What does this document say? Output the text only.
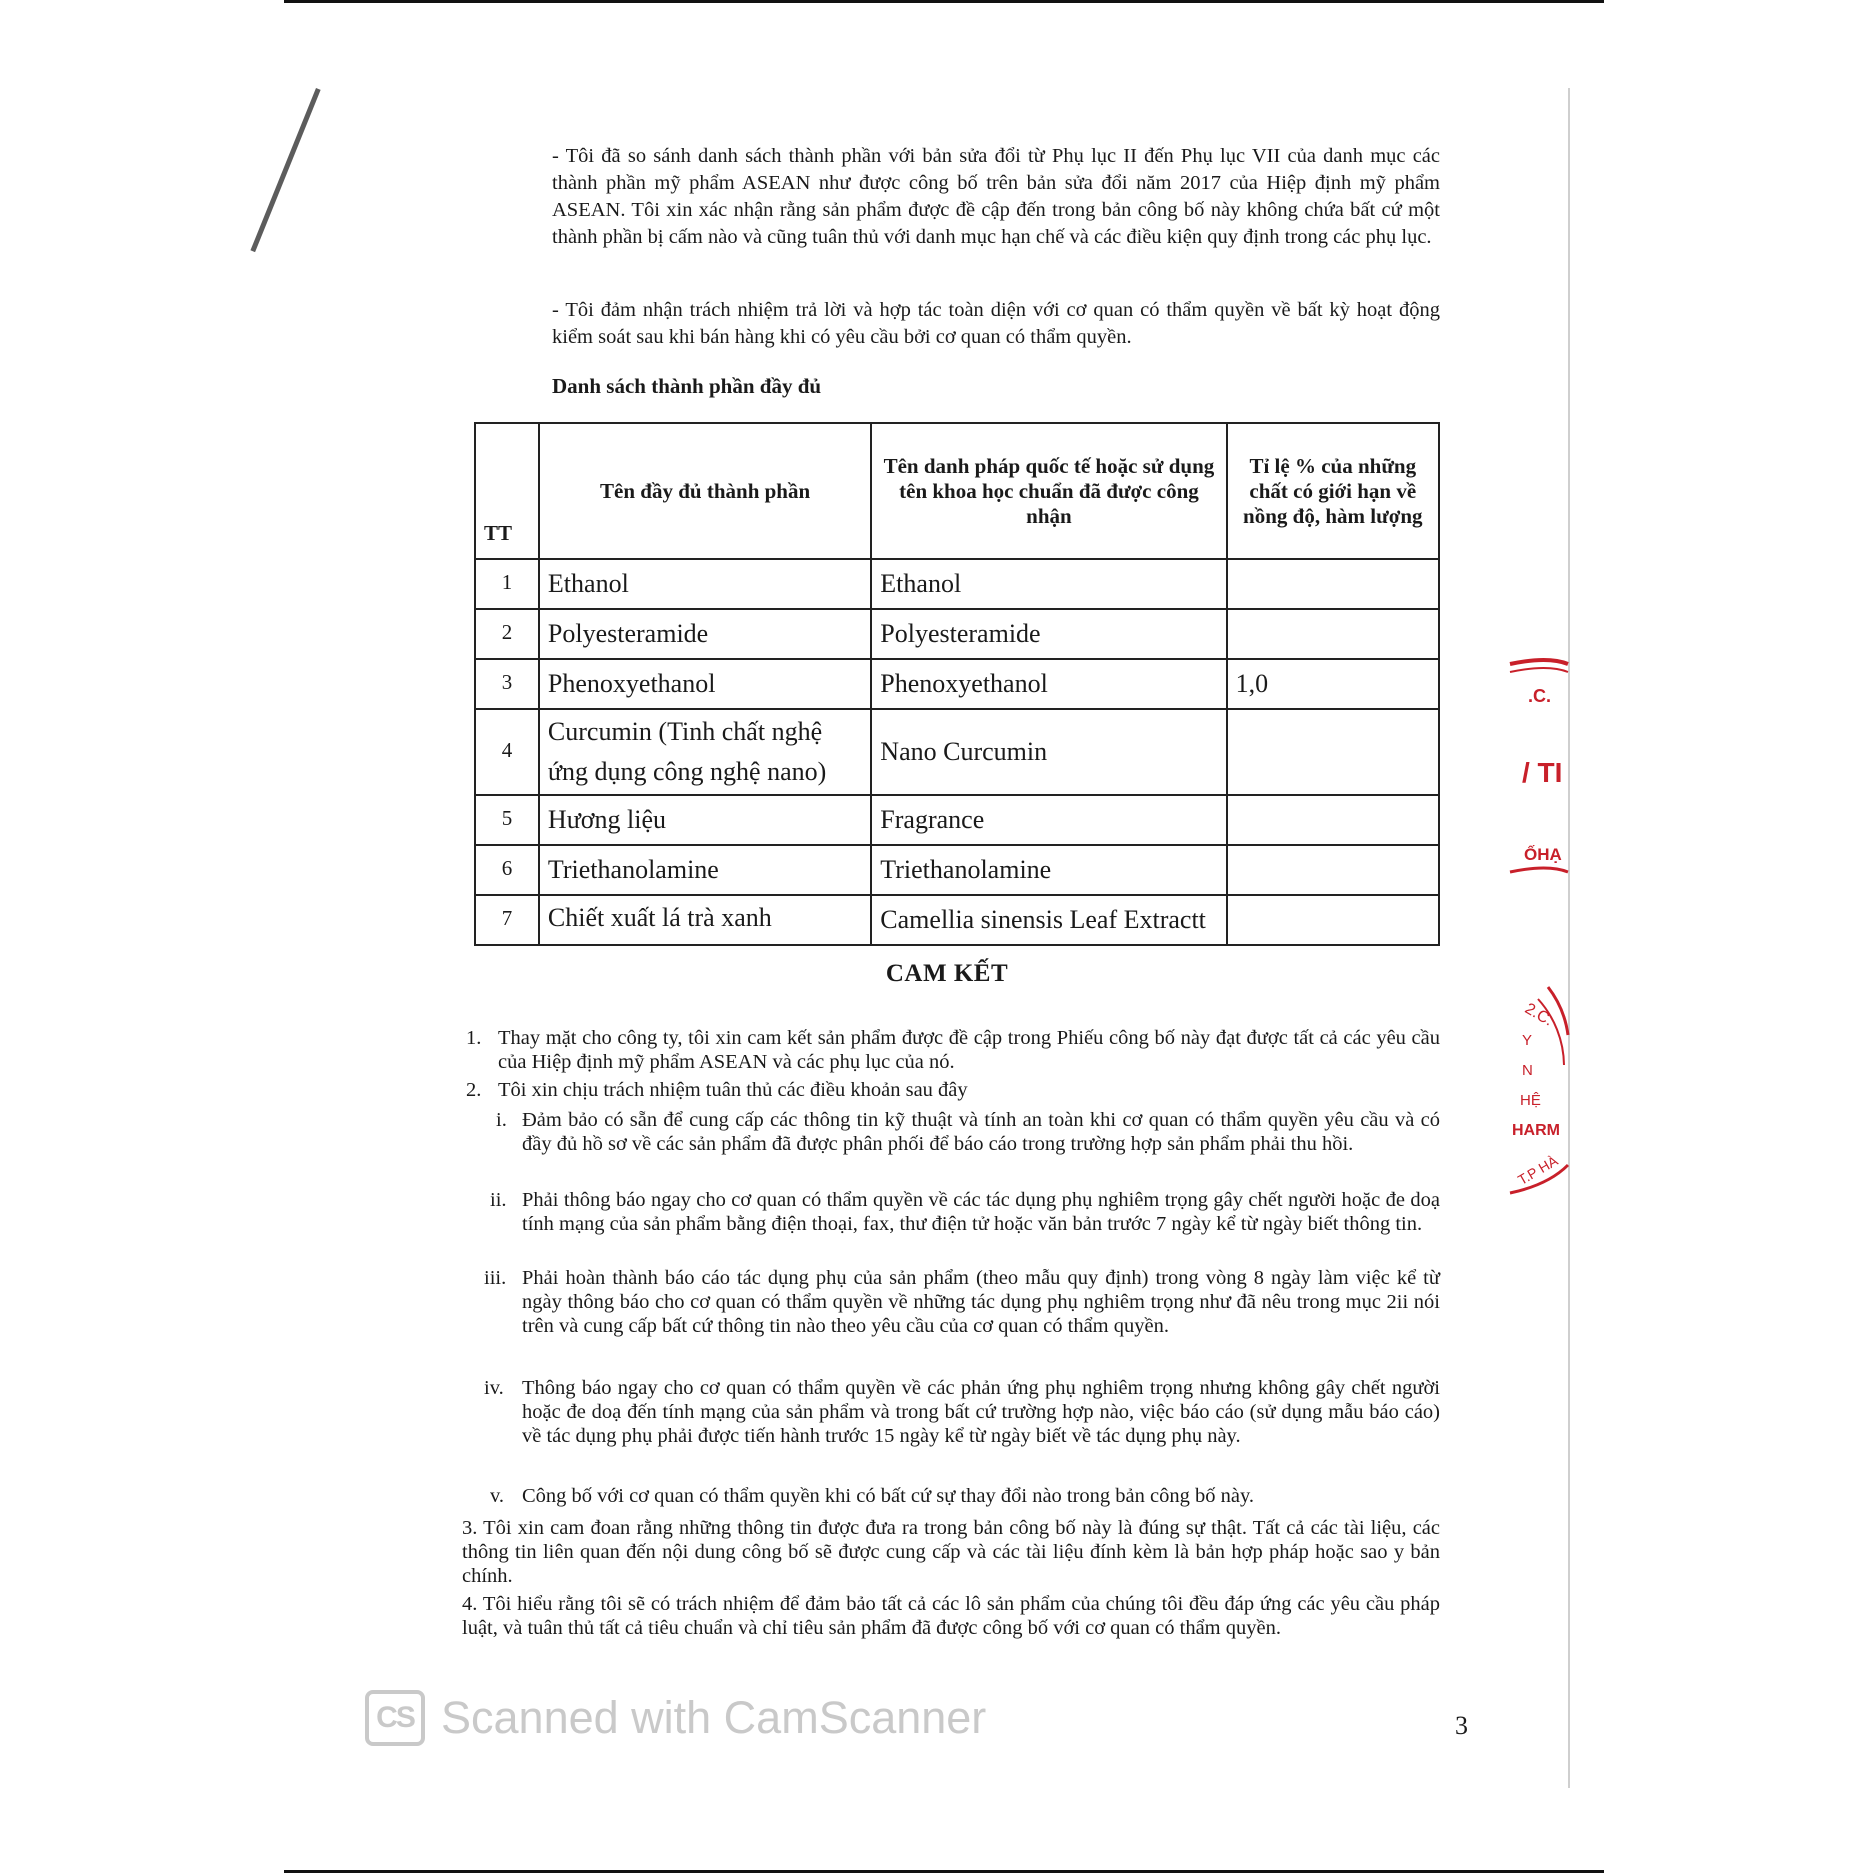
- Tôi đã so sánh danh sách thành phần với bản sửa đổi từ Phụ lục II đến Phụ lục VII của danh mục các thành phần mỹ phẩm ASEAN như được công bố trên bản sửa đổi năm 2017 của Hiệp định mỹ phẩm ASEAN. Tôi xin xác nhận rằng sản phẩm được đề cập đến trong bản công bố này không chứa bất cứ một thành phần bị cấm nào và cũng tuân thủ với danh mục hạn chế và các điều kiện quy định trong các phụ lục.

- Tôi đảm nhận trách nhiệm trả lời và hợp tác toàn diện với cơ quan có thẩm quyền về bất kỳ hoạt động kiểm soát sau khi bán hàng khi có yêu cầu bởi cơ quan có thẩm quyền.

Danh sách thành phần đầy đủ
TT	Tên đầy đủ thành phần	Tên danh pháp quốc tế hoặc sử dụng tên khoa học chuẩn đã được công nhận	Tỉ lệ % của những chất có giới hạn về nồng độ, hàm lượng
1	Ethanol	Ethanol	
2	Polyesteramide	Polyesteramide	
3	Phenoxyethanol	Phenoxyethanol	1,0
4	Curcumin (Tinh chất nghệ ứng dụng công nghệ nano)	Nano Curcumin	
5	Hương liệu	Fragrance	
6	Triethanolamine	Triethanolamine	
7	Chiết xuất lá trà xanh	Camellia sinensis Leaf Extractt	
CAM KẾT
1. Thay mặt cho công ty, tôi xin cam kết sản phẩm được đề cập trong Phiếu công bố này đạt được tất cả các yêu cầu của Hiệp định mỹ phẩm ASEAN và các phụ lục của nó.
2. Tôi xin chịu trách nhiệm tuân thủ các điều khoản sau đây
i. Đảm bảo có sẵn để cung cấp các thông tin kỹ thuật và tính an toàn khi cơ quan có thẩm quyền yêu cầu và có đầy đủ hồ sơ về các sản phẩm đã được phân phối để báo cáo trong trường hợp sản phẩm phải thu hồi.
ii. Phải thông báo ngay cho cơ quan có thẩm quyền về các tác dụng phụ nghiêm trọng gây chết người hoặc đe doạ tính mạng của sản phẩm bằng điện thoại, fax, thư điện tử hoặc văn bản trước 7 ngày kể từ ngày biết thông tin.
iii. Phải hoàn thành báo cáo tác dụng phụ của sản phẩm (theo mẫu quy định) trong vòng 8 ngày làm việc kể từ ngày thông báo cho cơ quan có thẩm quyền về những tác dụng phụ nghiêm trọng như đã nêu trong mục 2ii nói trên và cung cấp bất cứ thông tin nào theo yêu cầu của cơ quan có thẩm quyền.
iv. Thông báo ngay cho cơ quan có thẩm quyền về các phản ứng phụ nghiêm trọng nhưng không gây chết người hoặc đe doạ đến tính mạng của sản phẩm và trong bất cứ trường hợp nào, việc báo cáo (sử dụng mẫu báo cáo) về tác dụng phụ phải được tiến hành trước 15 ngày kể từ ngày biết về tác dụng phụ này.
v. Công bố với cơ quan có thẩm quyền khi có bất cứ sự thay đổi nào trong bản công bố này.

3. Tôi xin cam đoan rằng những thông tin được đưa ra trong bản công bố này là đúng sự thật. Tất cả các tài liệu, các thông tin liên quan đến nội dung công bố sẽ được cung cấp và các tài liệu đính kèm là bản hợp pháp hoặc sao y bản chính.

4. Tôi hiểu rằng tôi sẽ có trách nhiệm để đảm bảo tất cả các lô sản phẩm của chúng tôi đều đáp ứng các yêu cầu pháp luật, và tuân thủ tất cả tiêu chuẩn và chỉ tiêu sản phẩm đã được công bố với cơ quan có thẩm quyền.

CS Scanned with CamScanner	3
.C.
/ TI
ỐHẠ
2.C.
Y
N
HỆ
HARM
T.P HÀ
